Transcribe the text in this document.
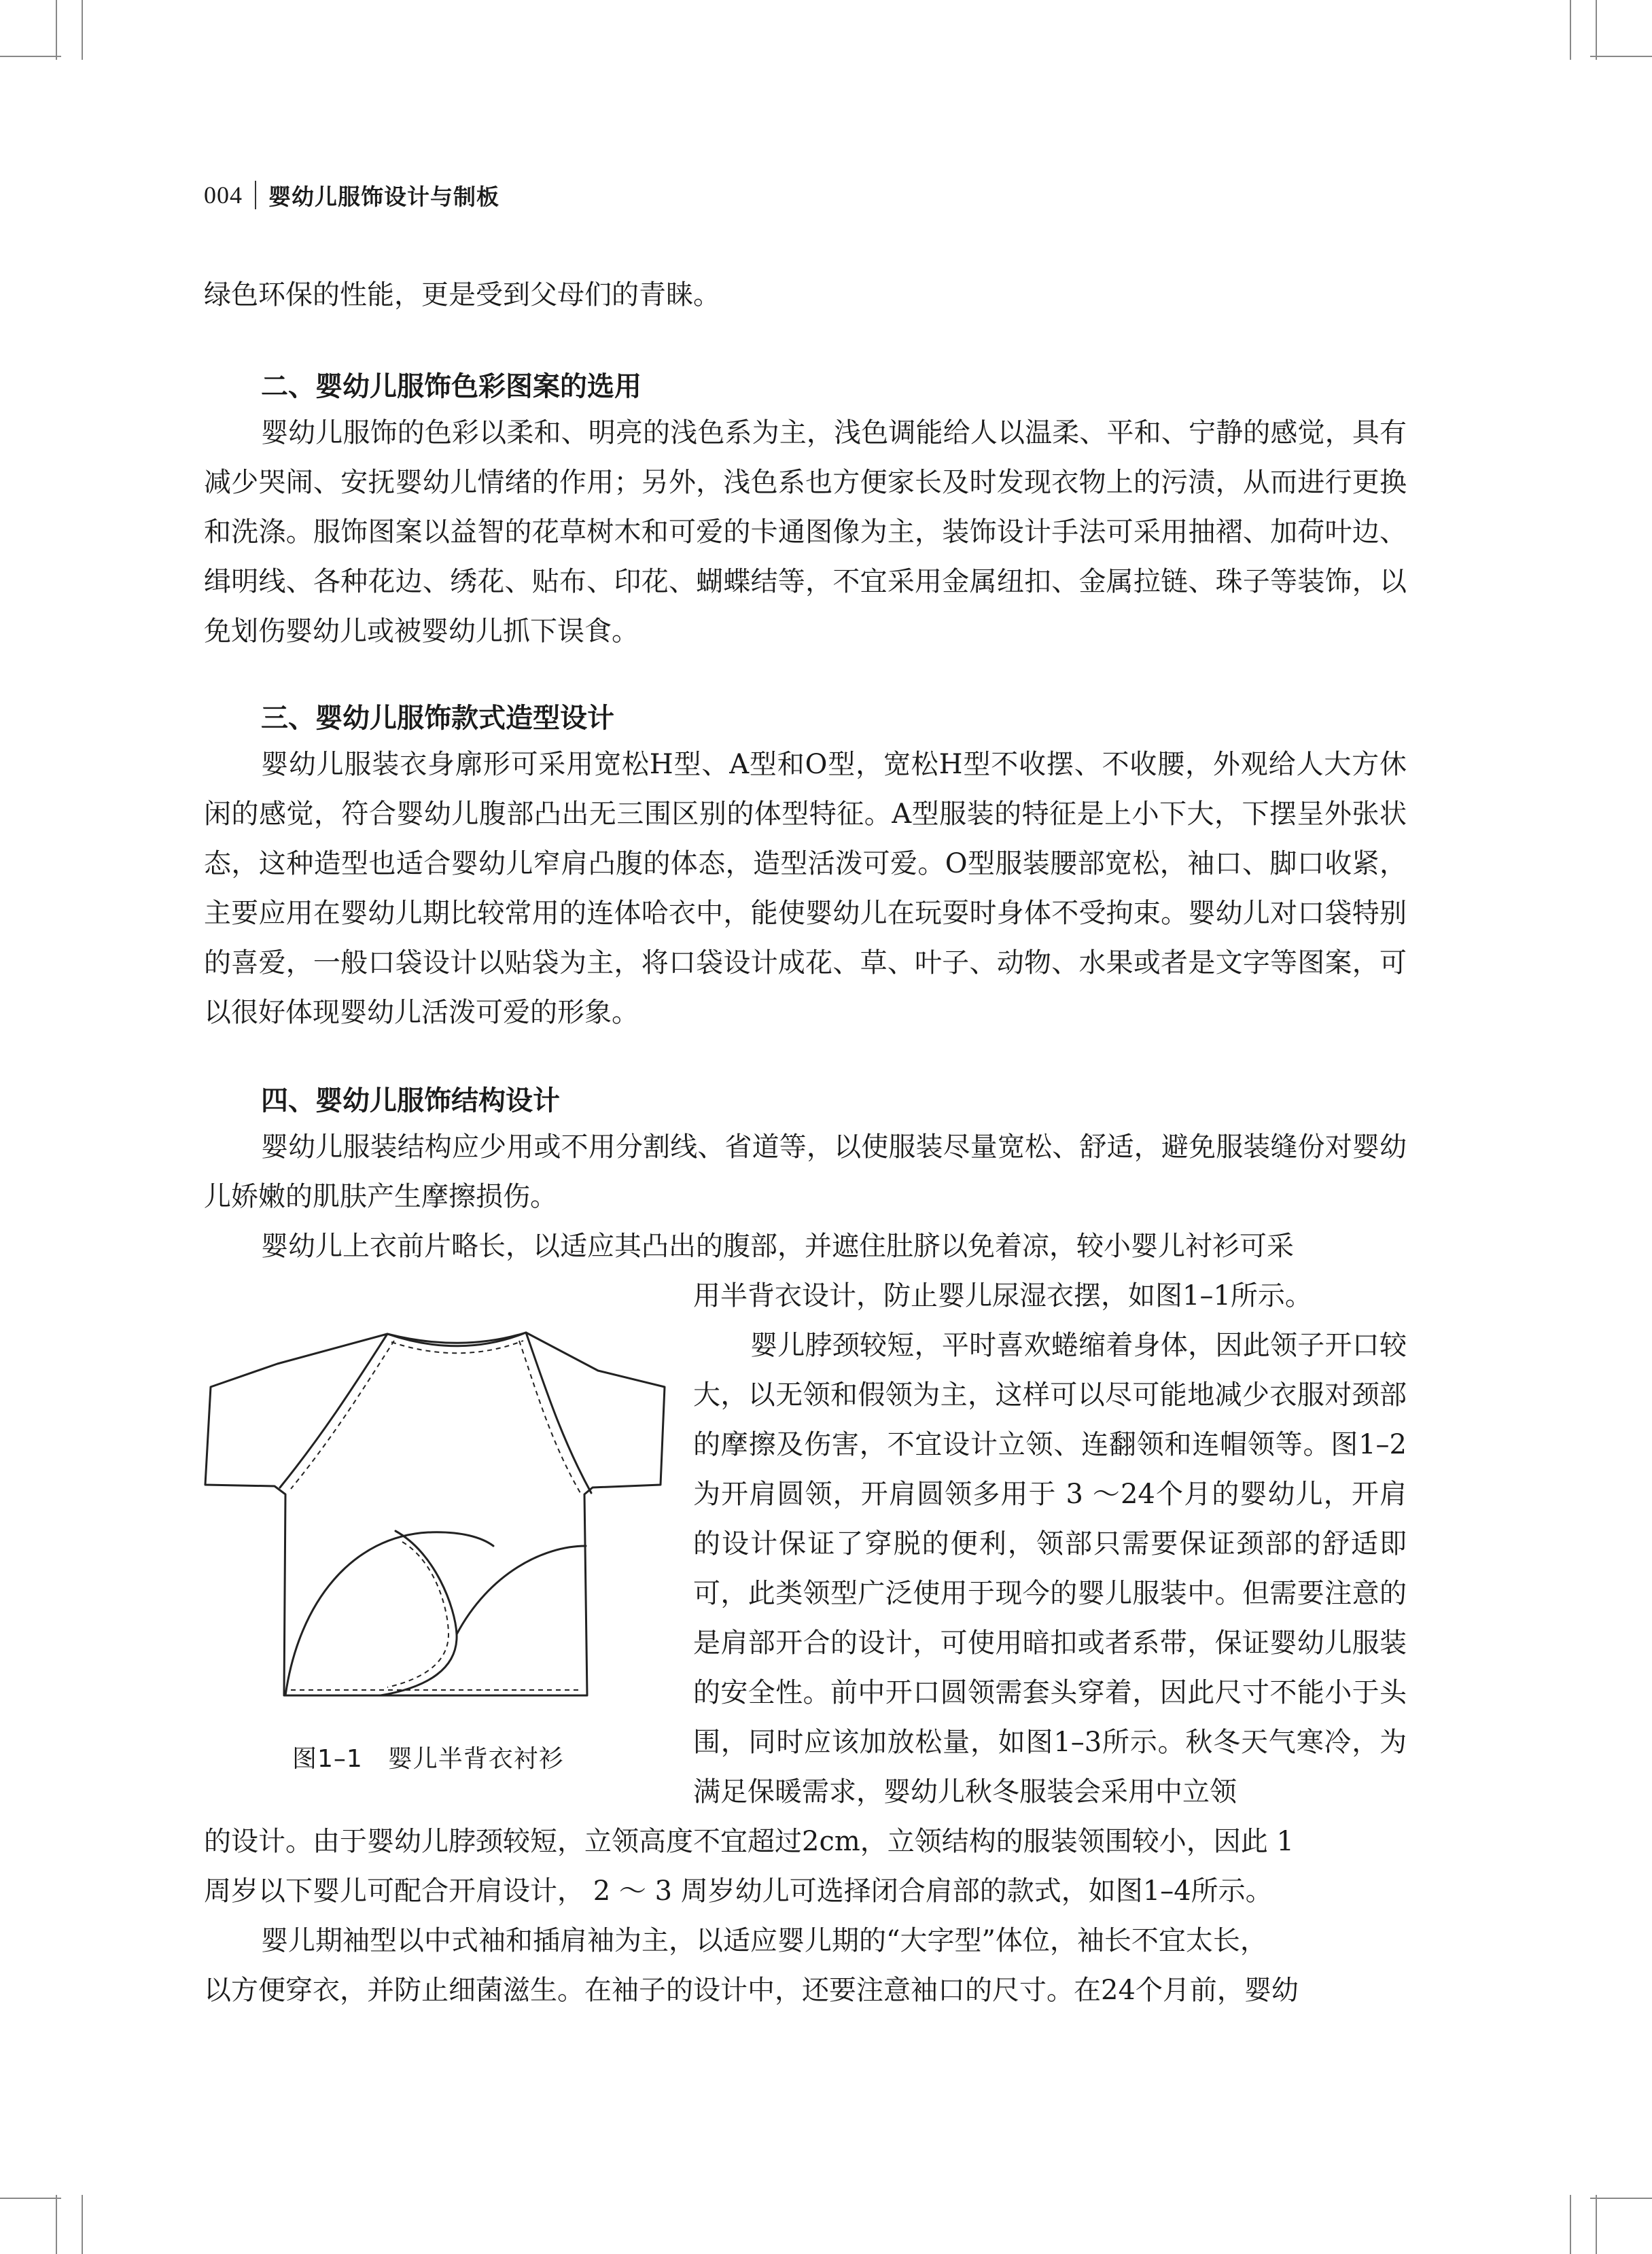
004 婴幼儿服饰设计与制板

绿色环保的性能，更是受到父母们的青睐。

二、婴幼儿服饰色彩图案的选用

婴幼儿服饰的色彩以柔和、明亮的浅色系为主，浅色调能给人以温柔、平和、宁静的感觉，具有减少哭闹、安抚婴幼儿情绪的作用；另外，浅色系也方便家长及时发现衣物上的污渍，从而进行更换和洗涤。服饰图案以益智的花草树木和可爱的卡通图像为主，装饰设计手法可采用抽褶、加荷叶边、缉明线、各种花边、绣花、贴布、印花、蝴蝶结等，不宜采用金属纽扣、金属拉链、珠子等装饰，以免划伤婴幼儿或被婴幼儿抓下误食。

三、婴幼儿服饰款式造型设计

婴幼儿服装衣身廓形可采用宽松H型、A型和O型，宽松H型不收摆、不收腰，外观给人大方休闲的感觉，符合婴幼儿腹部凸出无三围区别的体型特征。A型服装的特征是上小下大，下摆呈外张状态，这种造型也适合婴幼儿窄肩凸腹的体态，造型活泼可爱。O型服装腰部宽松，袖口、脚口收紧，主要应用在婴幼儿期比较常用的连体哈衣中，能使婴幼儿在玩耍时身体不受拘束。婴幼儿对口袋特别的喜爱，一般口袋设计以贴袋为主，将口袋设计成花、草、叶子、动物、水果或者是文字等图案，可以很好体现婴幼儿活泼可爱的形象。

四、婴幼儿服饰结构设计

婴幼儿服装结构应少用或不用分割线、省道等，以使服装尽量宽松、舒适，避免服装缝份对婴幼儿娇嫩的肌肤产生摩擦损伤。

婴幼儿上衣前片略长，以适应其凸出的腹部，并遮住肚脐以免着凉，较小婴儿衬衫可采

用半背衣设计，防止婴儿尿湿衣摆，如图1–1所示。

婴儿脖颈较短，平时喜欢蜷缩着身体，因此领子开口较大，以无领和假领为主，这样可以尽可能地减少衣服对颈部的摩擦及伤害，不宜设计立领、连翻领和连帽领等。图1–2为开肩圆领，开肩圆领多用于 3 ～24个月的婴幼儿，开肩的设计保证了穿脱的便利，领部只需要保证颈部的舒适即可，此类领型广泛使用于现今的婴儿服装中。但需要注意的是肩部开合的设计，可使用暗扣或者系带，保证婴幼儿服装的安全性。前中开口圆领需套头穿着，因此尺寸不能小于头围，同时应该加放松量，如图1–3所示。秋冬天气寒冷，为满足保暖需求，婴幼儿秋冬服装会采用中立领

的设计。由于婴幼儿脖颈较短，立领高度不宜超过2cm，立领结构的服装领围较小，因此 1

周岁以下婴儿可配合开肩设计， 2 ～ 3 周岁幼儿可选择闭合肩部的款式，如图1–4所示。

婴儿期袖型以中式袖和插肩袖为主，以适应婴儿期的“大字型”体位，袖长不宜太长，

以方便穿衣，并防止细菌滋生。在袖子的设计中，还要注意袖口的尺寸。在24个月前，婴幼

图1–1　婴儿半背衣衬衫
